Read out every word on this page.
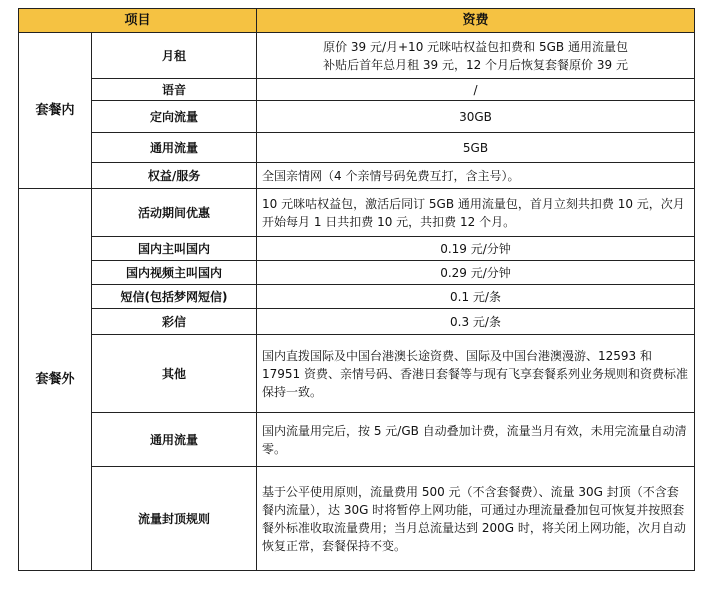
项目		资费
套餐内	月租	原价 39 元/月+10 元咪咕权益包扣费和 5GB 通用流量包
补贴后首年总月租 39 元，12 个月后恢复套餐原价 39 元
	语音	/
	定向流量	30GB
	通用流量	5GB
	权益/服务	全国亲情网（4 个亲情号码免费互打，含主号）。
套餐外	活动期间优惠	10 元咪咕权益包，激活后同订 5GB 通用流量包，首月立刻共扣费 10 元，次月开始每月 1 日共扣费 10 元，共扣费 12 个月。
	国内主叫国内	0.19 元/分钟
	国内视频主叫国内	0.29 元/分钟
	短信(包括梦网短信)	0.1 元/条
	彩信	0.3 元/条
	其他	国内直拨国际及中国台港澳长途资费、国际及中国台港澳漫游、12593 和 17951 资费、亲情号码、香港日套餐等与现有飞享套餐系列业务规则和资费标准保持一致。
	通用流量	国内流量用完后，按 5 元/GB 自动叠加计费，流量当月有效，未用完流量自动清零。
	流量封顶规则	基于公平使用原则，流量费用 500 元（不含套餐费）、流量 30G 封顶（不含套餐内流量），达 30G 时将暂停上网功能，可通过办理流量叠加包可恢复并按照套餐外标准收取流量费用；当月总流量达到 200G 时，将关闭上网功能，次月自动恢复正常，套餐保持不变。
